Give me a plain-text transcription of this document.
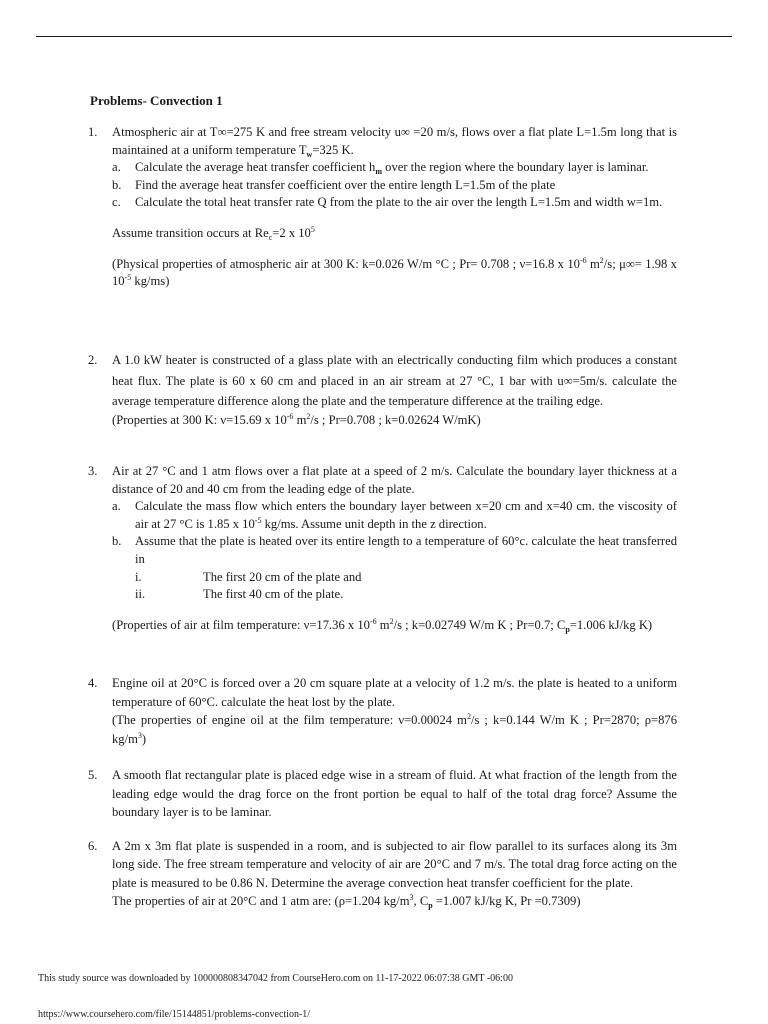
Problems- Convection 1
1. Atmospheric air at T∞=275 K and free stream velocity u∞ =20 m/s, flows over a flat plate L=1.5m long that is maintained at a uniform temperature $T_w=325$ K.
a. Calculate the average heat transfer coefficient $h_m$ over the region where the boundary layer is laminar.
b. Find the average heat transfer coefficient over the entire length L=1.5m of the plate
c. Calculate the total heat transfer rate Q from the plate to the air over the length L=1.5m and width w=1m.
Assume transition occurs at $Re_c=2$ x $10^5$
(Physical properties of atmospheric air at 300 K: k=0.026 W/m °C ; Pr= 0.708 ; ν=16.8 x $10^{-6}$ $m^2/s$; μ∞= 1.98 x $10^{-5}$ kg/ms)
2. A 1.0 kW heater is constructed of a glass plate with an electrically conducting film which produces a constant heat flux. The plate is 60 x 60 cm and placed in an air stream at 27 °C, 1 bar with u∞=5m/s. calculate the average temperature difference along the plate and the temperature difference at the trailing edge.
(Properties at 300 K: ν=15.69 x $10^{-6}$ $m^2/s$ ; Pr=0.708 ; k=0.02624 W/mK)
3. Air at 27 °C and 1 atm flows over a flat plate at a speed of 2 m/s. Calculate the boundary layer thickness at a distance of 20 and 40 cm from the leading edge of the plate.
a. Calculate the mass flow which enters the boundary layer between x=20 cm and x=40 cm. the viscosity of air at 27 °C is 1.85 x $10^{-5}$ kg/ms. Assume unit depth in the z direction.
b. Assume that the plate is heated over its entire length to a temperature of 60°c. calculate the heat transferred in
i.	The first 20 cm of the plate and
ii.	The first 40 cm of the plate.
(Properties of air at film temperature: ν=17.36 x $10^{-6}$ $m^2/s$ ; k=0.02749 W/m K ; Pr=0.7; $C_p=1.006$ kJ/kg K)
4. Engine oil at 20°C is forced over a 20 cm square plate at a velocity of 1.2 m/s. the plate is heated to a uniform temperature of 60°C. calculate the heat lost by the plate.
(The properties of engine oil at the film temperature: ν=0.00024 $m^2/s$ ; k=0.144 W/m K ; Pr=2870; ρ=876 $kg/m^3$)
5. A smooth flat rectangular plate is placed edge wise in a stream of fluid. At what fraction of the length from the leading edge would the drag force on the front portion be equal to half of the total drag force? Assume the boundary layer is to be laminar.
6. A 2m x 3m flat plate is suspended in a room, and is subjected to air flow parallel to its surfaces along its 3m long side. The free stream temperature and velocity of air are 20°C and 7 m/s. The total drag force acting on the plate is measured to be 0.86 N. Determine the average convection heat transfer coefficient for the plate.
The properties of air at 20°C and 1 atm are: (ρ=1.204 $kg/m^3$, $C_p =1.007$ kJ/kg K, Pr =0.7309)
This study source was downloaded by 100000808347042 from CourseHero.com on 11-17-2022 06:07:38 GMT -06:00
https://www.coursehero.com/file/15144851/problems-convection-1/
